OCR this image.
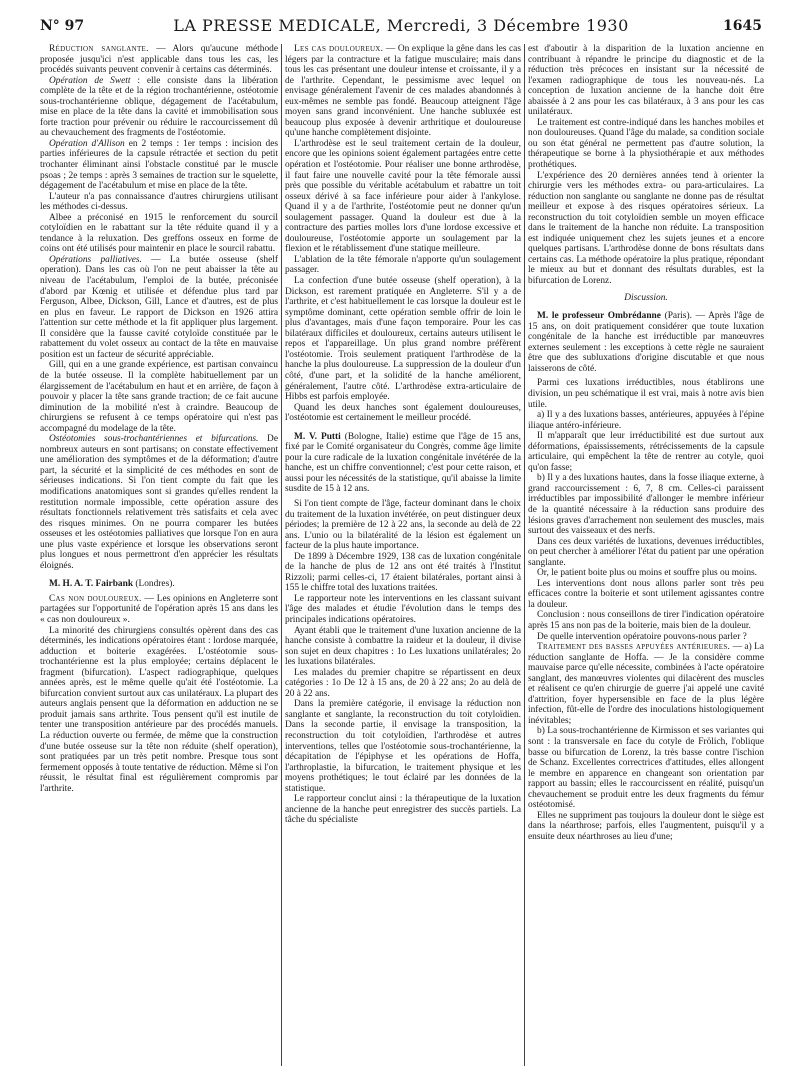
N° 97	LA PRESSE MEDICALE, Mercredi, 3 Décembre 1930	1645

Réduction sanglante. — Alors qu'aucune méthode proposée jusqu'ici n'est applicable dans tous les cas, les procédés suivants peuvent convenir à certains cas déterminés.

Opération de Swett : elle consiste dans la libération complète de la tête et de la région trochantérienne, ostéotomie sous-trochantérienne oblique, dégagement de l'acétabulum, mise en place de la tête dans la cavité et immobilisation sous forte traction pour prévenir ou réduire le raccourcissement dû au chevauchement des fragments de l'ostéotomie.

Opération d'Allison en 2 temps : 1er temps : incision des parties inférieures de la capsule rétractée et section du petit trochanter éliminant ainsi l'obstacle constitué par le muscle psoas ; 2e temps : après 3 semaines de traction sur le squelette, dégagement de l'acétabulum et mise en place de la tête.

L'auteur n'a pas connaissance d'autres chirurgiens utilisant les méthodes ci-dessus.

Albee a préconisé en 1915 le renforcement du sourcil cotyloïdien en le rabattant sur la tête réduite quand il y a tendance à la reluxation. Des greffons osseux en forme de coins ont été utilisés pour maintenir en place le sourcil rabattu.

Opérations palliatives. — La butée osseuse (shelf operation). Dans les cas où l'on ne peut abaisser la tête au niveau de l'acétabulum, l'emploi de la butée, préconisée d'abord par Kœnig et utilisée et défendue plus tard par Ferguson, Albee, Dickson, Gill, Lance et d'autres, est de plus en plus en faveur. Le rapport de Dickson en 1926 attira l'attention sur cette méthode et la fit appliquer plus largement. Il considère que la fausse cavité cotyloïde constituée par le rabattement du volet osseux au contact de la tête en mauvaise position est un facteur de sécurité appréciable.

Gill, qui en a une grande expérience, est partisan convaincu de la butée osseuse. Il la complète habituellement par un élargissement de l'acétabulum en haut et en arrière, de façon à pouvoir y placer la tête sans grande traction; de ce fait aucune diminution de la mobilité n'est à craindre. Beaucoup de chirurgiens se refusent à ce temps opératoire qui n'est pas accompagné du modelage de la tête.

Ostéotomies sous-trochantériennes et bifurcations. De nombreux auteurs en sont partisans; on constate effectivement une amélioration des symptômes et de la déformation; d'autre part, la sécurité et la simplicité de ces méthodes en sont de sérieuses indications. Si l'on tient compte du fait que les modifications anatomiques sont si grandes qu'elles rendent la restitution normale impossible, cette opération assure des résultats fonctionnels relativement très satisfaits et cela avec des risques minimes. On ne pourra comparer les butées osseuses et les ostéotomies palliatives que lorsque l'on en aura une plus vaste expérience et lorsque les observations seront plus longues et nous permettront d'en apprécier les résultats éloignés.

M. H. A. T. Fairbank (Londres).

Cas non douloureux. — Les opinions en Angleterre sont partagées sur l'opportunité de l'opération après 15 ans dans les « cas non douloureux ».

La minorité des chirurgiens consultés opèrent dans des cas déterminés, les indications opératoires étant : lordose marquée, adduction et boiterie exagérées. L'ostéotomie sous-trochantérienne est la plus employée; certains déplacent le fragment (bifurcation). L'aspect radiographique, quelques années après, est le même quelle qu'ait été l'ostéotomie. La bifurcation convient surtout aux cas unilatéraux. La plupart des auteurs anglais pensent que la déformation en adduction ne se produit jamais sans arthrite. Tous pensent qu'il est inutile de tenter une transposition antérieure par des procédés manuels. La réduction ouverte ou fermée, de même que la construction d'une butée osseuse sur la tête non réduite (shelf operation), sont pratiquées par un très petit nombre. Presque tous sont fermement opposés à toute tentative de réduction. Même si l'on réussit, le résultat final est régulièrement compromis par l'arthrite.

Les cas douloureux. — On explique la gêne dans les cas légers par la contracture et la fatigue musculaire; mais dans tous les cas présentant une douleur intense et croissante, il y a de l'arthrite. Cependant, le pessimisme avec lequel on envisage généralement l'avenir de ces malades abandonnés à eux-mêmes ne semble pas fondé. Beaucoup atteignent l'âge moyen sans grand inconvénient. Une hanche subluxée est beaucoup plus exposée à devenir arthritique et douloureuse qu'une hanche complètement disjointe.

L'arthrodèse est le seul traitement certain de la douleur, encore que les opinions soient également partagées entre cette opération et l'ostéotomie. Pour réaliser une bonne arthrodèse, il faut faire une nouvelle cavité pour la tête fémorale aussi près que possible du véritable acétabulum et rabattre un toit osseux dérivé à sa face inférieure pour aider à l'ankylose. Quand il y a de l'arthrite, l'ostéotomie peut ne donner qu'un soulagement passager. Quand la douleur est due à la contracture des parties molles lors d'une lordose excessive et douloureuse, l'ostéotomie apporte un soulagement par la flexion et le rétablissement d'une statique meilleure.

L'ablation de la tête fémorale n'apporte qu'un soulagement passager.

La confection d'une butée osseuse (shelf operation), à la Dickson, est rarement pratiquée en Angleterre. S'il y a de l'arthrite, et c'est habituellement le cas lorsque la douleur est le symptôme dominant, cette opération semble offrir de loin le plus d'avantages, mais d'une façon temporaire. Pour les cas bilatéraux difficiles et douloureux, certains auteurs utilisent le repos et l'appareillage. Un plus grand nombre préfèrent l'ostéotomie. Trois seulement pratiquent l'arthrodèse de la hanche la plus douloureuse. La suppression de la douleur d'un côté, d'une part, et la solidité de la hanche améliorent, généralement, l'autre côté. L'arthrodèse extra-articulaire de Hibbs est parfois employée.

Quand les deux hanches sont également douloureuses, l'ostéotomie est certainement le meilleur procédé.

M. V. Putti (Bologne, Italie) estime que l'âge de 15 ans, fixé par le Comité organisateur du Congrès, comme âge limite pour la cure radicale de la luxation congénitale invétérée de la hanche, est un chiffre conventionnel; c'est pour cette raison, et aussi pour les nécessités de la statistique, qu'il abaisse la limite susdite de 15 à 12 ans.

Si l'on tient compte de l'âge, facteur dominant dans le choix du traitement de la luxation invétérée, on peut distinguer deux périodes; la première de 12 à 22 ans, la seconde au delà de 22 ans. L'unio ou la bilatéralité de la lésion est également un facteur de la plus haute importance.

De 1899 à Décembre 1929, 138 cas de luxation congénitale de la hanche de plus de 12 ans ont été traités à l'Institut Rizzoli; parmi celles-ci, 17 étaient bilatérales, portant ainsi à 155 le chiffre total des luxations traitées.

Le rapporteur note les interventions en les classant suivant l'âge des malades et étudie l'évolution dans le temps des principales indications opératoires.

Ayant établi que le traitement d'une luxation ancienne de la hanche consiste à combattre la raideur et la douleur, il divise son sujet en deux chapitres : 1o Les luxations unilatérales; 2o les luxations bilatérales.

Les malades du premier chapitre se répartissent en deux catégories : 1o De 12 à 15 ans, de 20 à 22 ans; 2o au delà de 20 à 22 ans.

Dans la première catégorie, il envisage la réduction non sanglante et sanglante, la reconstruction du toit cotyloïdien. Dans la seconde partie, il envisage la transposition, la reconstruction du toit cotyloïdien, l'arthrodèse et autres interventions, telles que l'ostéotomie sous-trochantérienne, la décapitation de l'épiphyse et les opérations de Hoffa, l'arthroplastie, la bifurcation, le traitement physique et les moyens prothétiques; le tout éclairé par les données de la statistique.

Le rapporteur conclut ainsi : la thérapeutique de la luxation ancienne de la hanche peut enregistrer des succès partiels. La tâche du spécialiste

est d'aboutir à la disparition de la luxation ancienne en contribuant à répandre le principe du diagnostic et de la réduction très précoces en insistant sur la nécessité de l'examen radiographique de tous les nouveau-nés. La conception de luxation ancienne de la hanche doit être abaissée à 2 ans pour les cas bilatéraux, à 3 ans pour les cas unilatéraux.

Le traitement est contre-indiqué dans les hanches mobiles et non douloureuses. Quand l'âge du malade, sa condition sociale ou son état général ne permettent pas d'autre solution, la thérapeutique se borne à la physiothérapie et aux méthodes prothétiques.

L'expérience des 20 dernières années tend à orienter la chirurgie vers les méthodes extra- ou para-articulaires. La réduction non sanglante ou sanglante ne donne pas de résultat meilleur et expose à des risques opératoires sérieux. La reconstruction du toit cotyloïdien semble un moyen efficace dans le traitement de la hanche non réduite. La transposition est indiquée uniquement chez les sujets jeunes et a encore quelques partisans. L'arthrodèse donne de bons résultats dans certains cas. La méthode opératoire la plus pratique, répondant le mieux au but et donnant des résultats durables, est la bifurcation de Lorenz.

Discussion.

M. le professeur Ombrédanne (Paris). — Après l'âge de 15 ans, on doit pratiquement considérer que toute luxation congénitale de la hanche est irréductible par manœuvres externes seulement : les exceptions à cette règle ne sauraient être que des subluxations d'origine discutable et que nous laisserons de côté.

Parmi ces luxations irréductibles, nous établirons une division, un peu schématique il est vrai, mais à notre avis bien utile.

a) Il y a des luxations basses, antérieures, appuyées à l'épine iliaque antéro-inférieure.

Il m'apparaît que leur irréductibilité est due surtout aux déformations, épaississements, rétrécissements de la capsule articulaire, qui empêchent la tête de rentrer au cotyle, quoi qu'on fasse;

b) Il y a des luxations hautes, dans la fosse iliaque externe, à grand raccourcissement : 6, 7, 8 cm. Celles-ci paraissent irréductibles par impossibilité d'allonger le membre inférieur de la quantité nécessaire à la réduction sans produire des lésions graves d'arrachement non seulement des muscles, mais surtout des vaisseaux et des nerfs.

Dans ces deux variétés de luxations, devenues irréductibles, on peut chercher à améliorer l'état du patient par une opération sanglante.

Or, le patient boite plus ou moins et souffre plus ou moins.

Les interventions dont nous allons parler sont très peu efficaces contre la boiterie et sont utilement agissantes contre la douleur.

Conclusion : nous conseillons de tirer l'indication opératoire après 15 ans non pas de la boiterie, mais bien de la douleur.

De quelle intervention opératoire pouvons-nous parler ?

Traitement des basses appuyées antérieures. — a) La réduction sanglante de Hoffa. — Je la considère comme mauvaise parce qu'elle nécessite, combinées à l'acte opératoire sanglant, des manœuvres violentes qui dilacèrent des muscles et réalisent ce qu'en chirurgie de guerre j'ai appelé une cavité d'attrition, foyer hypersensible en face de la plus légère infection, fût-elle de l'ordre des inoculations histologiquement inévitables;

b) La sous-trochantérienne de Kirmisson et ses variantes qui sont : la transversale en face du cotyle de Frölich, l'oblique basse ou bifurcation de Lorenz, la très basse contre l'ischion de Schanz. Excellentes correctrices d'attitudes, elles allongent le membre en apparence en changeant son orientation par rapport au bassin; elles le raccourcissent en réalité, puisqu'un chevauchement se produit entre les deux fragments du fémur ostéotomisé.

Elles ne suppriment pas toujours la douleur dont le siège est dans la néarthrose; parfois, elles l'augmentent, puisqu'il y a ensuite deux néarthroses au lieu d'une;
